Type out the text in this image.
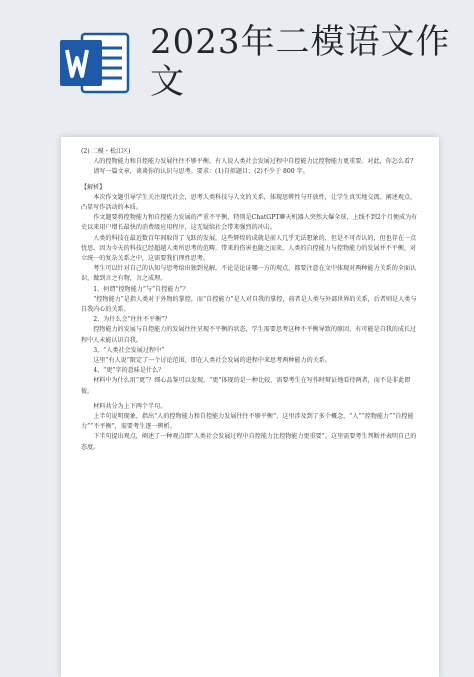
2023年二模语文作文

(2) 二模・松江区)

人的控物能力和自控能力发展往往不够平衡，有人说人类社会发展过程中自控能力比控物能力更重要。对此，你怎么看?

请写一篇文章，谈谈你的认识与思考。要求：(1)自拟题目；(2)不少于 800 字。

【解析】

本次作文题引导学生关注现代社会，思考人类科技与人文的关系，体现思辨性与开放性，让学生真实地交流、阐述观点，凸显写作活动的本质。

作文题要将控物能力和自控能力发展的严重不平衡，特别是ChatGPT聊天机器人突然大爆全球，上线不到2个月便成为有史以来用户增长最快的消费级应用程序，这无疑给社会带来强烈的冲击。

人类的科技在最近数百年间取得了飞跃的发展，这些辉煌的成就是前人几乎无法想象的，但是不可否认的，但也存在一点忧思，因为今天的科技已经超越人类所思考的范畴，带来的伤害也随之而来，人类的自控能力与控物能力的发展并不平衡，对立统一的复杂关系之中，这需要我们理性思考。

考生可以针对自己的认知与思考给出独到见解，不论是论证哪一方的观点，都要注意在文中体现对两种能力关系的全面认识，做到言之有物，言之成理。

1、何谓“控物能力”与“自控能力”？

“控物能力”是指人类对于外物的掌控，而“自控能力”是人对自我的掌控，前者是人类与外部世界的关系，后者则是人类与自我内心的关系。

2、为什么会“往往不平衡”？

控物能力的发展与自控能力的发展往往呈现不平衡的状态，学生需要思考这种不平衡导致的原因，有可能是自我的成长过程中人未能认识自我。

3、“人类社会发展过程中”

这里“有人说”限定了一个讨论范围，即在人类社会发展的进程中来思考两种能力的关系。

4、“更”字的意味是什么？

材料中为什么用“更”？细心品鉴可以发现，“更”体现的是一种比较，需要考生在写作时辩证地看待两者，而不是非此即彼。

材料共分为上下两个半句。

上半句说明现象，指出“人的控物能力和自控能力发展往往不够平衡”，这里涉及到了多个概念，“人”“控物能力”“自控能力”“不平衡”，需要考生逐一辨析。

下半句提出观点，阐述了一种观点即“人类社会发展过程中自控能力比控物能力更重要”。这里需要考生判断并表明自己的态度。
